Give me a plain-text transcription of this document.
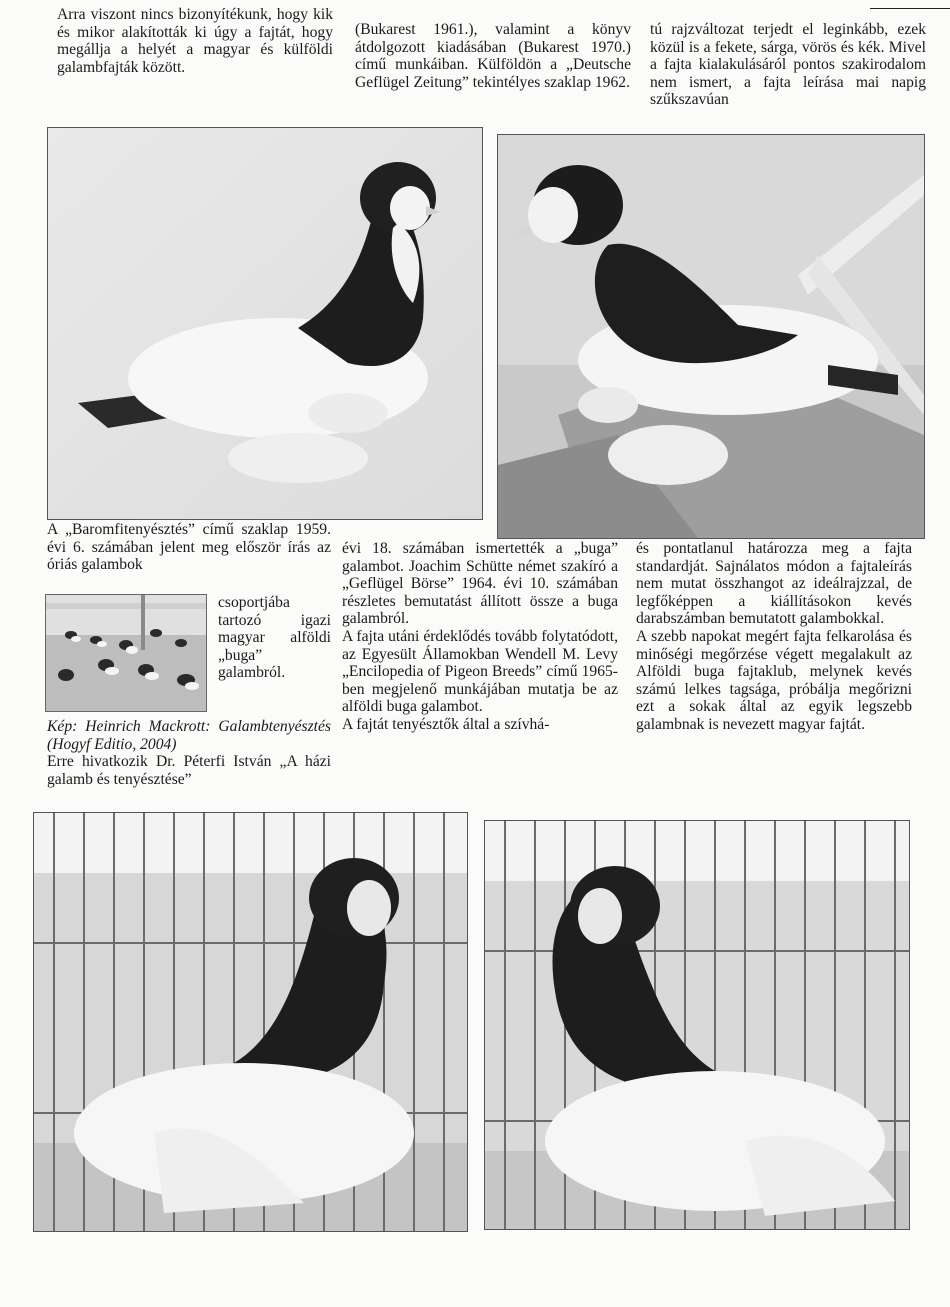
Arra viszont nincs bizonyítékunk, hogy kik és mikor alakították ki úgy a fajtát, hogy megállja a helyét a magyar és külföldi galambfajták között.

(Bukarest 1961.), valamint a könyv átdolgozott kiadásában (Bukarest 1970.) című munkáiban. Külföldön a „Deutsche Geflügel Zeitung” tekintélyes szaklap 1962.

tú rajzváltozat terjedt el leginkább, ezek közül is a fekete, sárga, vörös és kék. Mivel a fajta kialakulásáról pontos szakirodalom nem ismert, a fajta leírása mai napig szűkszavúan

A „Baromfitenyésztés” című szaklap 1959. évi 6. számában jelent meg először írás az óriás galambok

csoportjába tartozó igazi magyar alföldi „buga” galambról.

Kép: Heinrich Mackrott: Galambtenyésztés (Hogyf Editio, 2004)

Erre hivatkozik Dr. Péterfi István „A házi galamb és tenyésztése”

évi 18. számában ismertették a „buga” galambot. Joachim Schütte német szakíró a „Geflügel Börse” 1964. évi 10. számában részletes bemutatást állított össze a buga galambról.

A fajta utáni érdeklődés tovább folytatódott, az Egyesült Államokban Wendell M. Levy „Encilopedia of Pigeon Breeds” című 1965-ben megjelenő munkájában mutatja be az alföldi buga galambot.

A fajtát tenyésztők által a szívhá-

és pontatlanul határozza meg a fajta standardját. Sajnálatos módon a fajtaleírás nem mutat összhangot az ideálrajzzal, de legfőképpen a kiállításokon kevés darabszámban bemutatott galambokkal.

A szebb napokat megért fajta felkarolása és minőségi megőrzése végett megalakult az Alföldi buga fajtaklub, melynek kevés számú lelkes tagsága, próbálja megőrizni ezt a sokak által az egyik legszebb galambnak is nevezett magyar fajtát.
